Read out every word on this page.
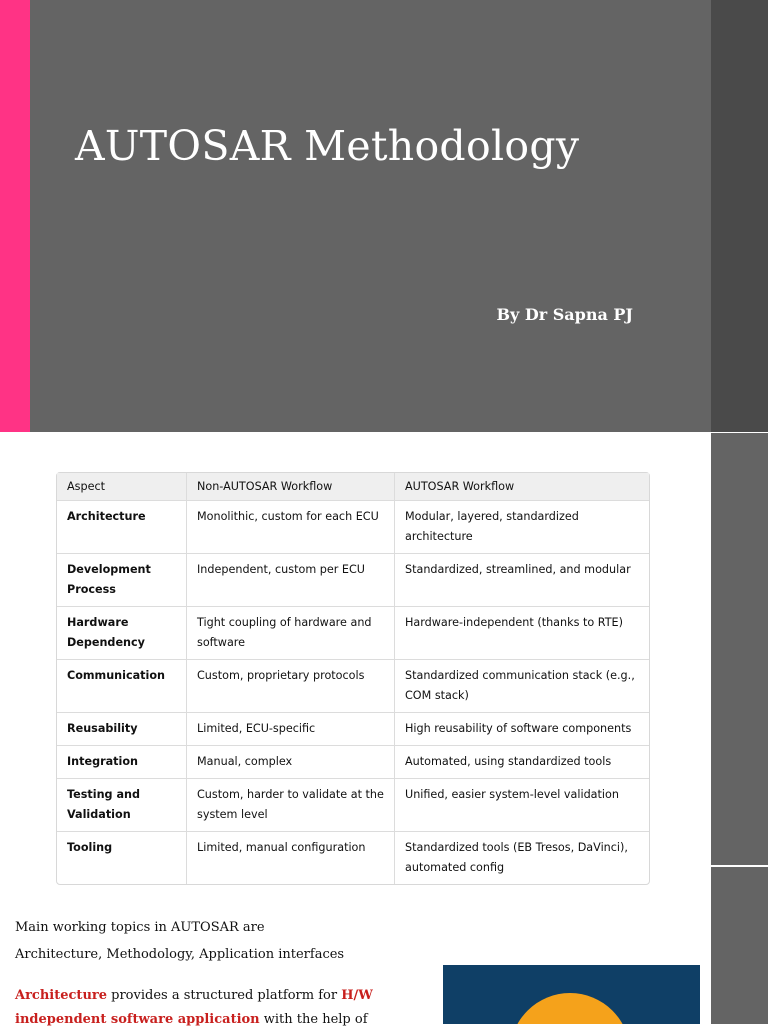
AUTOSAR Methodology
By Dr Sapna PJ
Aspect	Non-AUTOSAR Workflow	AUTOSAR Workflow
Architecture	Monolithic, custom for each ECU	Modular, layered, standardized architecture
Development Process	Independent, custom per ECU	Standardized, streamlined, and modular
Hardware Dependency	Tight coupling of hardware and software	Hardware-independent (thanks to RTE)
Communication	Custom, proprietary protocols	Standardized communication stack (e.g., COM stack)
Reusability	Limited, ECU-specific	High reusability of software components
Integration	Manual, complex	Automated, using standardized tools
Testing and Validation	Custom, harder to validate at the system level	Unified, easier system-level validation
Tooling	Limited, manual configuration	Standardized tools (EB Tresos, DaVinci), automated config
Main working topics in AUTOSAR are
Architecture, Methodology, Application interfaces
Architecture provides a structured platform for H/W independent software application with the help of
